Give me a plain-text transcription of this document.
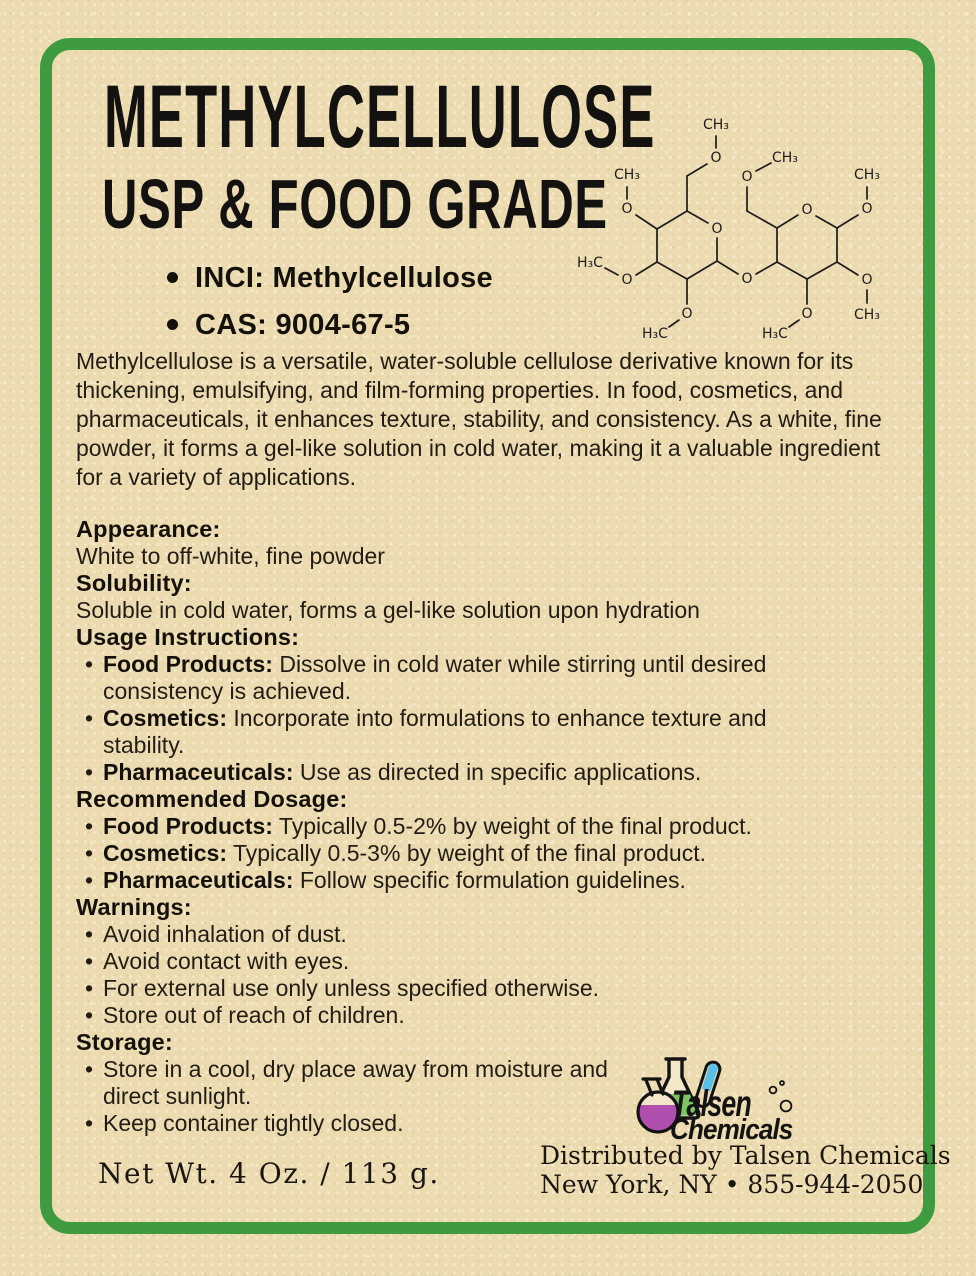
METHYLCELLULOSE
USP & FOOD GRADE	O
O
CH₃
O
CH₃
O
H₃C
O
H₃C
O
O
O
CH₃
O
CH₃
O
CH₃
O
H₃C
INCI: Methylcellulose
CAS: 9004-67-5

Methylcellulose is a versatile, water-soluble cellulose derivative known for its thickening, emulsifying, and film-forming properties. In food, cosmetics, and pharmaceuticals, it enhances texture, stability, and consistency. As a white, fine powder, it forms a gel-like solution in cold water, making it a valuable ingredient for a variety of applications.

Appearance:

White to off-white, fine powder

Solubility:

Soluble in cold water, forms a gel-like solution upon hydration

Usage Instructions:
• Food Products: Dissolve in cold water while stirring until desired consistency is achieved.
• Cosmetics: Incorporate into formulations to enhance texture and stability.
• Pharmaceuticals: Use as directed in specific applications.
Recommended Dosage:
• Food Products: Typically 0.5-2% by weight of the final product.
• Cosmetics: Typically 0.5-3% by weight of the final product.
• Pharmaceuticals: Follow specific formulation guidelines.
Warnings:
• Avoid inhalation of dust.
• Avoid contact with eyes.
• For external use only unless specified otherwise.
• Store out of reach of children.
Storage:
• Store in a cool, dry place away from moisture and direct sunlight.
• Keep container tightly closed.
Net Wt. 4 Oz. / 113 g.
Talsen
Chemicals
Distributed by Talsen Chemicals
New York, NY • 855-944-2050
